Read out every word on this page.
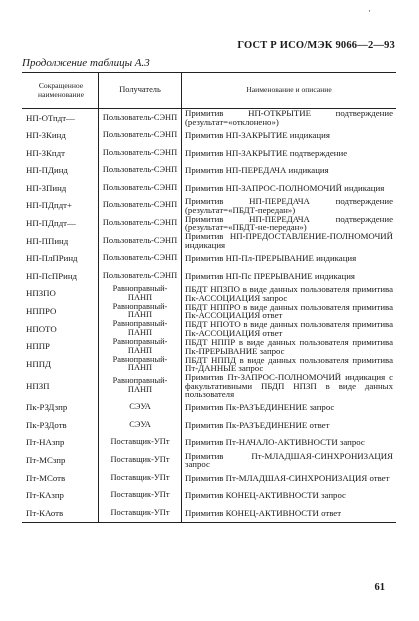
·
ГОСТ Р ИСО/МЭК 9066—2—93
Продолжение таблицы А.3
Сокращенное наименование	Получатель	Наименование и описание
НП-ОТпдт—	Пользователь-СЭНП	Примитив НП-ОТКРЫТИЕ подтверждение (результат=«отклонено»)
НП-ЗКинд	Пользователь-СЭНП	Примитив НП-ЗАКРЫТИЕ индикация
НП-ЗКпдт	Пользователь-СЭНП	Примитив НП-ЗАКРЫТИЕ подтверждение
НП-ПДинд	Пользователь-СЭНП	Примитив НП-ПЕРЕДАЧА индикация
НП-ЗПинд	Пользователь-СЭНП	Примитив НП-ЗАПРОС-ПОЛНОМОЧИЙ индикация
НП-ПДпдт+	Пользователь-СЭНП	Примитив НП-ПЕРЕДАЧА подтверждение (результат=«ПБДТ-передан»)
НП-ПДпдт—	Пользователь-СЭНП	Примитив НП-ПЕРЕДАЧА подтверждение (результат=«ПБДТ-не-передан»)
НП-ППинд	Пользователь-СЭНП	Примитив НП-ПРЕДОСТАВЛЕНИЕ-ПОЛНОМОЧИЙ индикация
НП-ПлПРинд	Пользователь-СЭНП	Примитив НП-Пл-ПРЕРЫВАНИЕ индикация
НП-ПсПРинд	Пользователь-СЭНП	Примитив НП-Пс ПРЕРЫВАНИЕ индикация
НПЗПО	Равноправный-ПАНП	ПБДТ НПЗПО в виде данных пользователя примитива Пк-АССОЦИАЦИЯ запрос
НППРО	Равноправный-ПАНП	ПБДТ НППРО в виде данных пользователя примитива Пк-АССОЦИАЦИЯ ответ
НПОТО	Равноправный-ПАНП	ПБДТ НПОТО в виде данных пользователя примитива Пк-АССОЦИАЦИЯ ответ
НППР	Равноправный-ПАНП	ПБДТ НППР в виде данных пользователя примитива Пк-ПРЕРЫВАНИЕ запрос
НППД	Равноправный-ПАНП	ПБДТ НППД в виде данных пользователя примитива Пт-ДАННЫЕ запрос
НПЗП	Равноправный-ПАНП	Примитив Пт-ЗАПРОС-ПОЛНОМОЧИЙ индикация с факультативными ПБДП НПЗП в виде данных пользователя
Пк-РЗДзпр	СЭУА	Примитив Пк-РАЗЪЕДИНЕНИЕ запрос
Пк-РЗДотв	СЭУА	Примитив Пк-РАЗЪЕДИНЕНИЕ ответ
Пт-НАзпр	Поставщик-УПт	Примитив Пт-НАЧАЛО-АКТИВНОСТИ запрос
Пт-МСзпр	Поставщик-УПт	Примитив Пт-МЛАДШАЯ-СИНХРОНИЗАЦИЯ запрос
Пт-МСотв	Поставщик-УПт	Примитив Пт-МЛАДШАЯ-СИНХРОНИЗАЦИЯ ответ
Пт-КАзпр	Поставщик-УПт	Примитив КОНЕЦ-АКТИВНОСТИ запрос
Пт-КАотв	Поставщик-УПт	Примитив КОНЕЦ-АКТИВНОСТИ ответ
61
